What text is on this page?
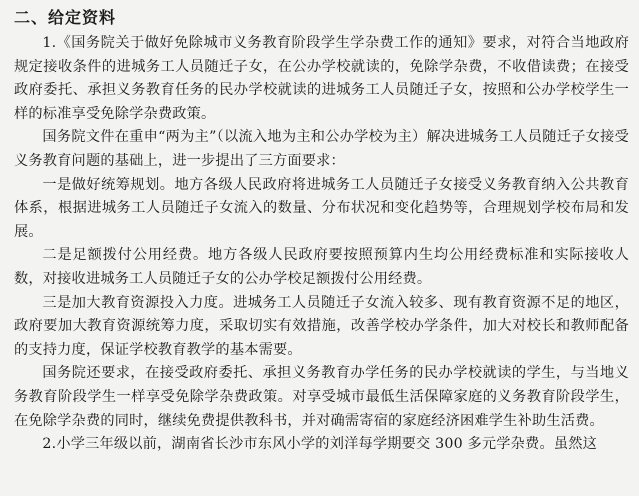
二、给定资料

1.《国务院关于做好免除城市义务教育阶段学生学杂费工作的通知》要求，对符合当地政府规定接收条件的进城务工人员随迁子女，在公办学校就读的，免除学杂费，不收借读费；在接受政府委托、承担义务教育任务的民办学校就读的进城务工人员随迁子女，按照和公办学校学生一样的标准享受免除学杂费政策。

国务院文件在重申“两为主”（以流入地为主和公办学校为主）解决进城务工人员随迁子女接受义务教育问题的基础上，进一步提出了三方面要求：

一是做好统筹规划。地方各级人民政府将进城务工人员随迁子女接受义务教育纳入公共教育体系，根据进城务工人员随迁子女流入的数量、分布状况和变化趋势等，合理规划学校布局和发展。

二是足额拨付公用经费。地方各级人民政府要按照预算内生均公用经费标准和实际接收人数，对接收进城务工人员随迁子女的公办学校足额拨付公用经费。

三是加大教育资源投入力度。进城务工人员随迁子女流入较多、现有教育资源不足的地区，政府要加大教育资源统筹力度，采取切实有效措施，改善学校办学条件，加大对校长和教师配备的支持力度，保证学校教育教学的基本需要。

国务院还要求，在接受政府委托、承担义务教育办学任务的民办学校就读的学生，与当地义务教育阶段学生一样享受免除学杂费政策。对享受城市最低生活保障家庭的义务教育阶段学生，在免除学杂费的同时，继续免费提供教科书，并对确需寄宿的家庭经济困难学生补助生活费。

2.小学三年级以前，湖南省长沙市东风小学的刘洋每学期要交 300 多元学杂费。虽然这
